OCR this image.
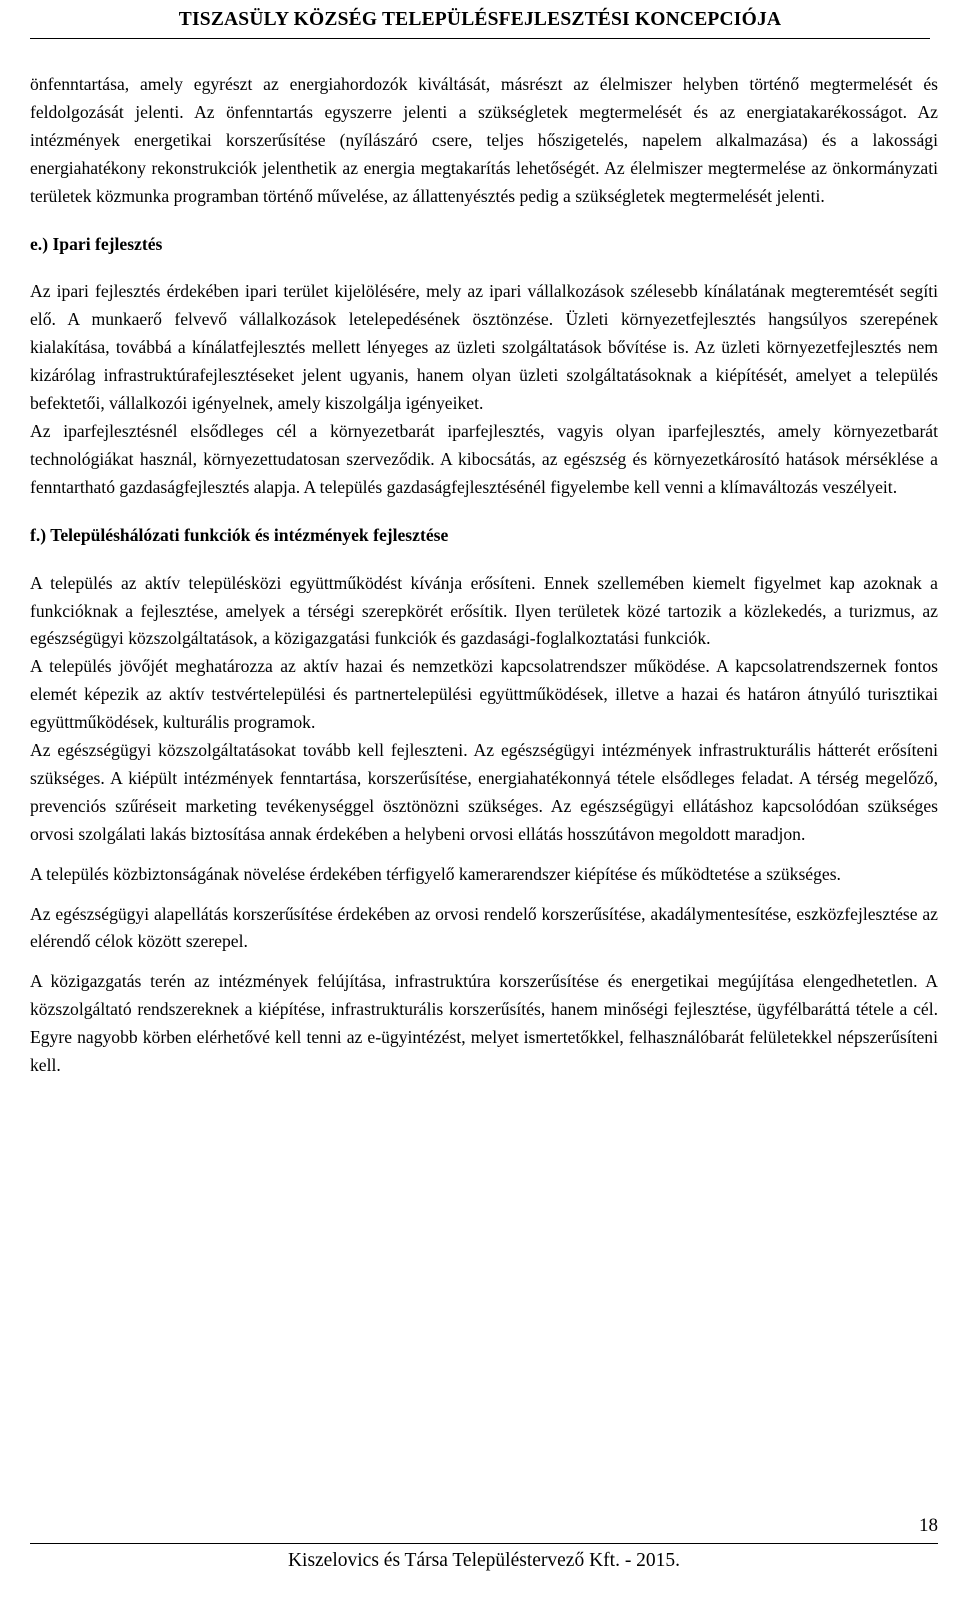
TISZASÜLY KÖZSÉG TELEPÜLÉSFEJLESZTÉSI KONCEPCIÓJA

önfenntartása, amely egyrészt az energiahordozók kiváltását, másrészt az élelmiszer helyben történő megtermelését és feldolgozását jelenti. Az önfenntartás egyszerre jelenti a szükségletek megtermelését és az energiatakarékosságot. Az intézmények energetikai korszerűsítése (nyílászáró csere, teljes hőszigetelés, napelem alkalmazása) és a lakossági energiahatékony rekonstrukciók jelenthetik az energia megtakarítás lehetőségét. Az élelmiszer megtermelése az önkormányzati területek közmunka programban történő művelése, az állattenyésztés pedig a szükségletek megtermelését jelenti.

e.) Ipari fejlesztés

Az ipari fejlesztés érdekében ipari terület kijelölésére, mely az ipari vállalkozások szélesebb kínálatának megteremtését segíti elő. A munkaerő felvevő vállalkozások letelepedésének ösztönzése. Üzleti környezetfejlesztés hangsúlyos szerepének kialakítása, továbbá a kínálatfejlesztés mellett lényeges az üzleti szolgáltatások bővítése is. Az üzleti környezetfejlesztés nem kizárólag infrastruktúrafejlesztéseket jelent ugyanis, hanem olyan üzleti szolgáltatásoknak a kiépítését, amelyet a település befektetői, vállalkozói igényelnek, amely kiszolgálja igényeiket.

Az iparfejlesztésnél elsődleges cél a környezetbarát iparfejlesztés, vagyis olyan iparfejlesztés, amely környezetbarát technológiákat használ, környezettudatosan szerveződik. A kibocsátás, az egészség és környezetkárosító hatások mérséklése a fenntartható gazdaságfejlesztés alapja. A település gazdaságfejlesztésénél figyelembe kell venni a klímaváltozás veszélyeit.

f.) Településhálózati funkciók és intézmények fejlesztése

A település az aktív településközi együttműködést kívánja erősíteni. Ennek szellemében kiemelt figyelmet kap azoknak a funkcióknak a fejlesztése, amelyek a térségi szerepkörét erősítik. Ilyen területek közé tartozik a közlekedés, a turizmus, az egészségügyi közszolgáltatások, a közigazgatási funkciók és gazdasági-foglalkoztatási funkciók.

A település jövőjét meghatározza az aktív hazai és nemzetközi kapcsolatrendszer működése. A kapcsolatrendszernek fontos elemét képezik az aktív testvértelepülési és partnertelepülési együttműködések, illetve a hazai és határon átnyúló turisztikai együttműködések, kulturális programok.

Az egészségügyi közszolgáltatásokat tovább kell fejleszteni. Az egészségügyi intézmények infrastrukturális hátterét erősíteni szükséges. A kiépült intézmények fenntartása, korszerűsítése, energiahatékonnyá tétele elsődleges feladat. A térség megelőző, prevenciós szűréseit marketing tevékenységgel ösztönözni szükséges. Az egészségügyi ellátáshoz kapcsolódóan szükséges orvosi szolgálati lakás biztosítása annak érdekében a helybeni orvosi ellátás hosszútávon megoldott maradjon.

A település közbiztonságának növelése érdekében térfigyelő kamerarendszer kiépítése és működtetése a szükséges.

Az egészségügyi alapellátás korszerűsítése érdekében az orvosi rendelő korszerűsítése, akadálymentesítése, eszközfejlesztése az elérendő célok között szerepel.

A közigazgatás terén az intézmények felújítása, infrastruktúra korszerűsítése és energetikai megújítása elengedhetetlen. A közszolgáltató rendszereknek a kiépítése, infrastrukturális korszerűsítés, hanem minőségi fejlesztése, ügyfélbaráttá tétele a cél. Egyre nagyobb körben elérhetővé kell tenni az e-ügyintézést, melyet ismertetőkkel, felhasználóbarát felületekkel népszerűsíteni kell.

18
Kiszelovics és Társa Településtervező Kft. - 2015.
